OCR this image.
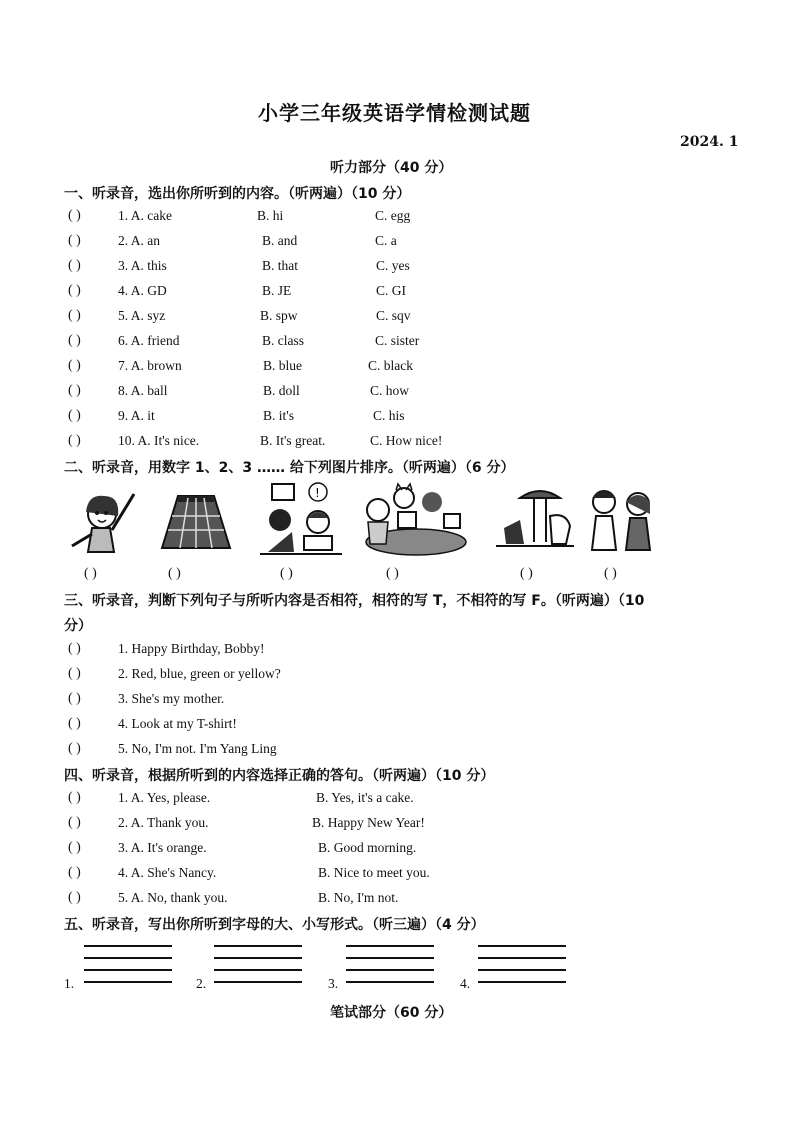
小学三年级英语学情检测试题
2024. 1
听力部分（40 分）
一、听录音，选出你所听到的内容。（听两遍）（10 分）
( )	1. A. cake	B. hi	C. egg
( )	2. A. an	B. and	C. a
( )	3. A. this	B. that	C. yes
( )	4. A. GD	B. JE	C. GI
( )	5. A. syz	B. spw	C. sqv
( )	6. A. friend	B. class	C. sister
( )	7. A. brown	B. blue	C. black
( )	8. A. ball	B. doll	C. how
( )	9. A. it	B. it's	C. his
( )	10. A. It's nice.	B. It's great.	C. How nice!
二、听录音，用数字 1、2、3 …… 给下列图片排序。（听两遍）（6 分）
!
( )	( )	( )	( )	( )	( )
三、听录音，判断下列句子与所听内容是否相符，相符的写 T，不相符的写 F。（听两遍）（10
分）
( )	1. Happy Birthday, Bobby!
( )	2. Red, blue, green or yellow?
( )	3. She's my mother.
( )	4. Look at my T-shirt!
( )	5. No, I'm not. I'm Yang Ling
四、听录音，根据所听到的内容选择正确的答句。（听两遍）（10 分）
( )	1. A. Yes, please.	B. Yes, it's a cake.
( )	2. A. Thank you.	B. Happy New Year!
( )	3. A. It's orange.	B. Good morning.
( )	4. A. She's Nancy.	B. Nice to meet you.
( )	5. A. No, thank you.	B. No, I'm not.
五、听录音，写出你所听到字母的大、小写形式。（听三遍）（4 分）
1.	2.	3.	4.
笔试部分（60 分）
